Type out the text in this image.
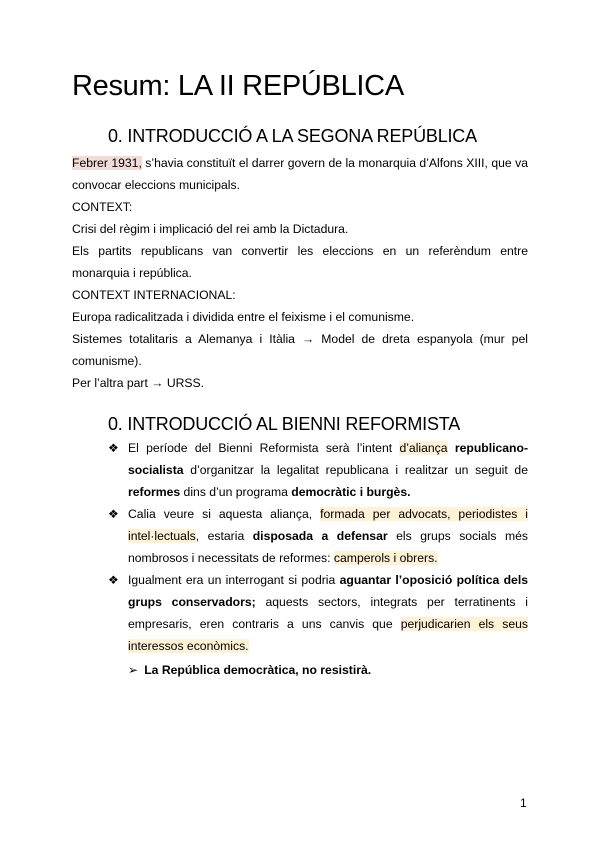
Resum: LA II REPÚBLICA
0. INTRODUCCIÓ A LA SEGONA REPÚBLICA

Febrer 1931, s’havia constituït el darrer govern de la monarquia d’Alfons XIII, que va convocar eleccions municipals.

CONTEXT:

Crisi del règim i implicació del rei amb la Dictadura.

Els partits republicans van convertir les eleccions en un referèndum entre monarquia i república.

CONTEXT INTERNACIONAL:

Europa radicalitzada i dividida entre el feixisme i el comunisme.

Sistemes totalitaris a Alemanya i Itàlia → Model de dreta espanyola (mur pel comunisme).

Per l’altra part → URSS.

0. INTRODUCCIÓ AL BIENNI REFORMISTA
❖ El període del Bienni Reformista serà l’intent d’aliança republicano-socialista d’organitzar la legalitat republicana i realitzar un seguit de reformes dins d’un programa democràtic i burgès.
❖ Calia veure si aquesta aliança, formada per advocats, periodistes i intel·lectuals, estaria disposada a defensar els grups socials més nombrosos i necessitats de reformes: camperols i obrers.
❖ Igualment era un interrogant si podria aguantar l’oposició política dels grups conservadors; aquests sectors, integrats per terratinents i empresaris, eren contraris a uns canvis que perjudicarien els seus interessos econòmics.
➢ La República democràtica, no resistirà.
1
